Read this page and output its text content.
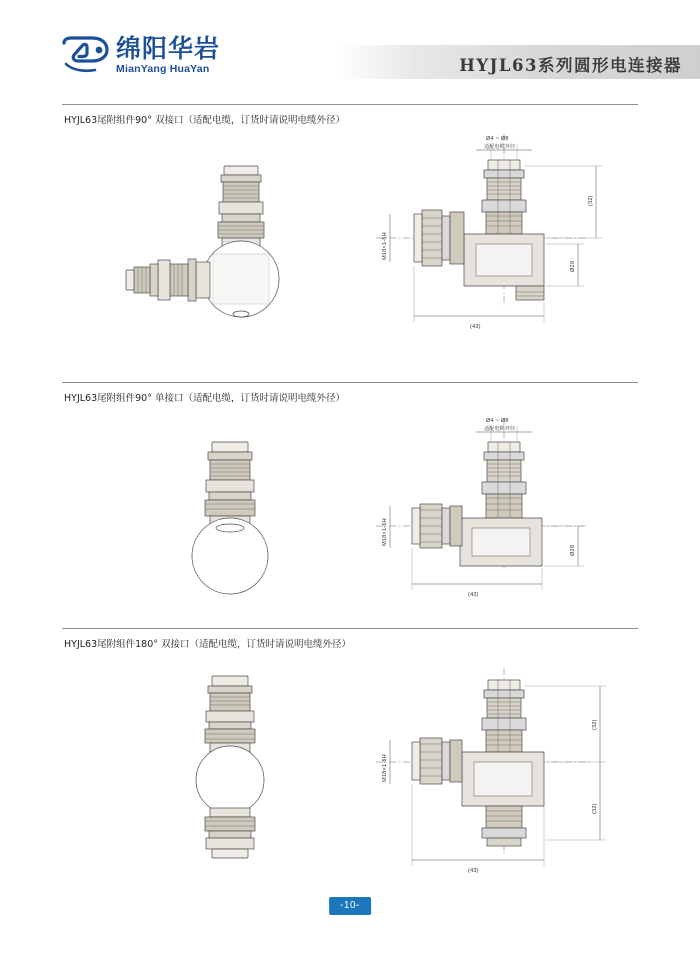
绵阳华岩
MianYang HuaYan	HYJL63系列圆形电连接器
HYJL63尾附组件90° 双接口（适配电缆，订货时请说明电缆外径）
Ø4 ~ Ø8
适配电缆外径
(32)
Ø29
M18×1-6H
(43)
HYJL63尾附组件90° 单接口（适配电缆，订货时请说明电缆外径）
Ø4 ~ Ø8
适配电缆外径
Ø28
M18×1-6H
(43)
HYJL63尾附组件180° 双接口（适配电缆，订货时请说明电缆外径）
(32)
(32)
M18×1-6H
(43)
-10-
